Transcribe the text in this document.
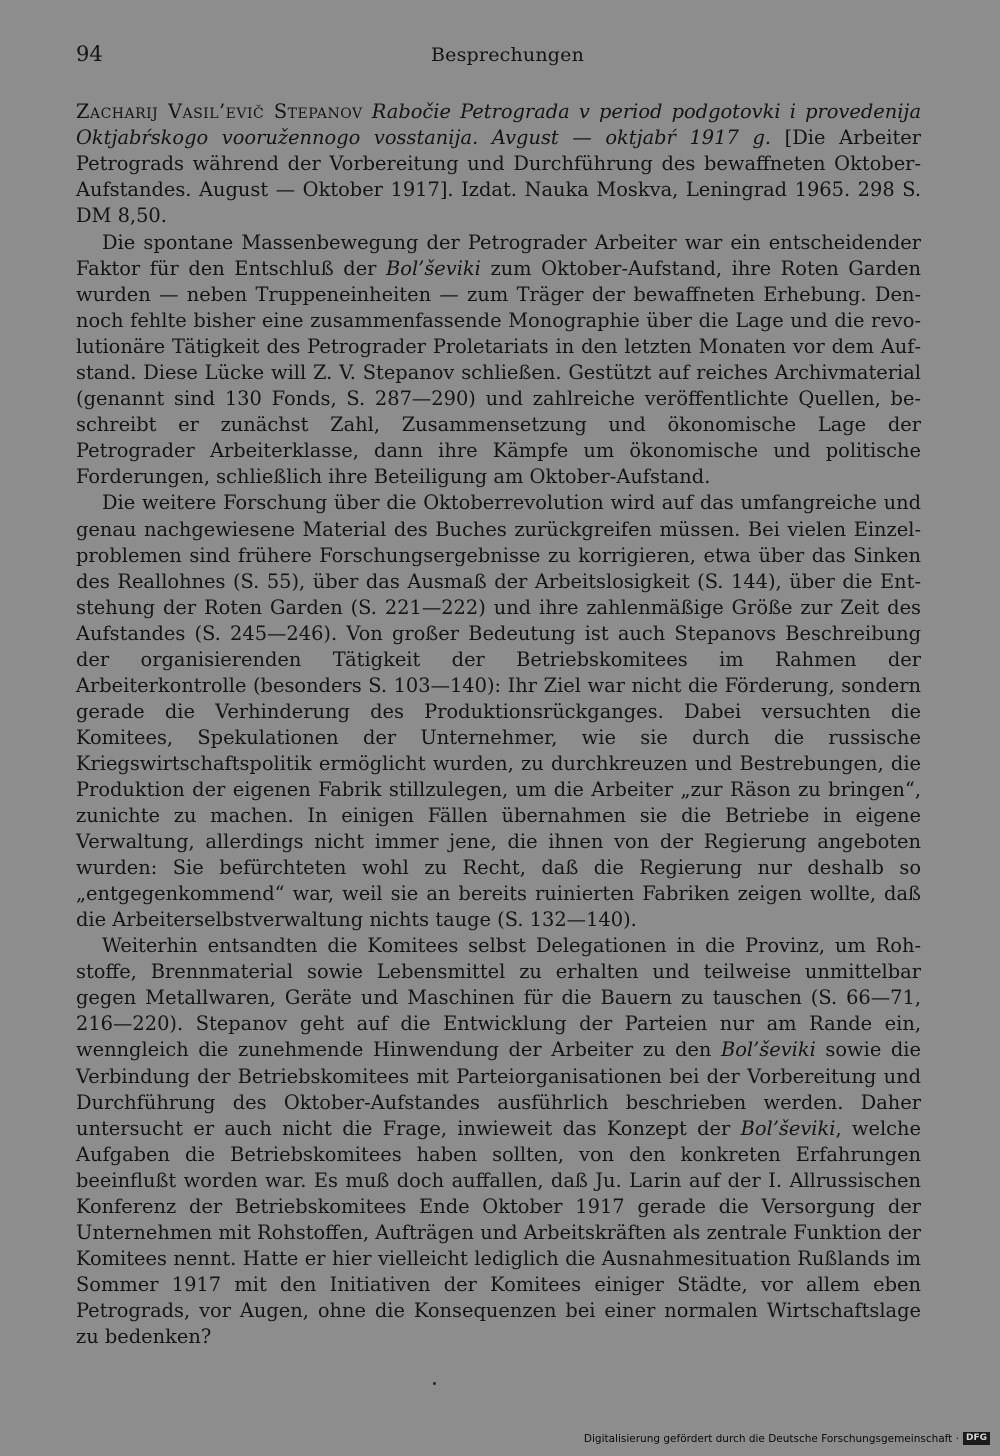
94	Besprechungen
Zacharij Vasil’evič Stepanov Rabočie Petrograda v period podgotovki i provedenija Oktjabŕskogo vooružennogo vosstanija. Avgust — oktjabŕ 1917 g. [Die Arbeiter Petrograds während der Vorbereitung und Durchführung des bewaffneten Oktober-Aufstandes. August — Oktober 1917]. Izdat. Nauka Moskva, Leningrad 1965. 298 S. DM 8,50.

Die spontane Massenbewegung der Petrograder Arbeiter war ein entscheidender Faktor für den Entschluß der Bol’ševiki zum Oktober-Aufstand, ihre Roten Garden wurden — neben Truppeneinheiten — zum Träger der bewaffneten Erhebung. Dennoch fehlte bisher eine zusammenfassende Monographie über die Lage und die revolutionäre Tätigkeit des Petrograder Proletariats in den letzten Monaten vor dem Aufstand. Diese Lücke will Z. V. Stepanov schließen. Gestützt auf reiches Archivmaterial (genannt sind 130 Fonds, S. 287—290) und zahlreiche veröffentlichte Quellen, beschreibt er zunächst Zahl, Zusammensetzung und ökonomische Lage der Petrograder Arbeiterklasse, dann ihre Kämpfe um ökonomische und politische Forderungen, schließlich ihre Beteiligung am Oktober-Aufstand.

Die weitere Forschung über die Oktoberrevolution wird auf das umfangreiche und genau nachgewiesene Material des Buches zurückgreifen müssen. Bei vielen Einzelproblemen sind frühere Forschungsergebnisse zu korrigieren, etwa über das Sinken des Reallohnes (S. 55), über das Ausmaß der Arbeitslosigkeit (S. 144), über die Entstehung der Roten Garden (S. 221—222) und ihre zahlenmäßige Größe zur Zeit des Aufstandes (S. 245—246). Von großer Bedeutung ist auch Stepanovs Beschreibung der organisierenden Tätigkeit der Betriebskomitees im Rahmen der Arbeiterkontrolle (besonders S. 103—140): Ihr Ziel war nicht die Förderung, sondern gerade die Verhinderung des Produktionsrückganges. Dabei versuchten die Komitees, Spekulationen der Unternehmer, wie sie durch die russische Kriegswirtschaftspolitik ermöglicht wurden, zu durchkreuzen und Bestrebungen, die Produktion der eigenen Fabrik stillzulegen, um die Arbeiter „zur Räson zu bringen“, zunichte zu machen. In einigen Fällen übernahmen sie die Betriebe in eigene Verwaltung, allerdings nicht immer jene, die ihnen von der Regierung angeboten wurden: Sie befürchteten wohl zu Recht, daß die Regierung nur deshalb so „entgegenkommend“ war, weil sie an bereits ruinierten Fabriken zeigen wollte, daß die Arbeiterselbstverwaltung nichts tauge (S. 132—140).

Weiterhin entsandten die Komitees selbst Delegationen in die Provinz, um Rohstoffe, Brennmaterial sowie Lebensmittel zu erhalten und teilweise unmittelbar gegen Metallwaren, Geräte und Maschinen für die Bauern zu tauschen (S. 66—71, 216—220). Stepanov geht auf die Entwicklung der Parteien nur am Rande ein, wenngleich die zunehmende Hinwendung der Arbeiter zu den Bol’ševiki sowie die Verbindung der Betriebskomitees mit Parteiorganisationen bei der Vorbereitung und Durchführung des Oktober-Aufstandes ausführlich beschrieben werden. Daher untersucht er auch nicht die Frage, inwieweit das Konzept der Bol’ševiki, welche Aufgaben die Betriebskomitees haben sollten, von den konkreten Erfahrungen beeinflußt worden war. Es muß doch auffallen, daß Ju. Larin auf der I. Allrussischen Konferenz der Betriebskomitees Ende Oktober 1917 gerade die Versorgung der Unternehmen mit Rohstoffen, Aufträgen und Arbeitskräften als zentrale Funktion der Komitees nennt. Hatte er hier vielleicht lediglich die Ausnahmesituation Rußlands im Sommer 1917 mit den Initiativen der Komitees einiger Städte, vor allem eben Petrograds, vor Augen, ohne die Konsequenzen bei einer normalen Wirtschaftslage zu bedenken?

Digitalisierung gefördert durch die Deutsche Forschungsgemeinschaft · DFG
